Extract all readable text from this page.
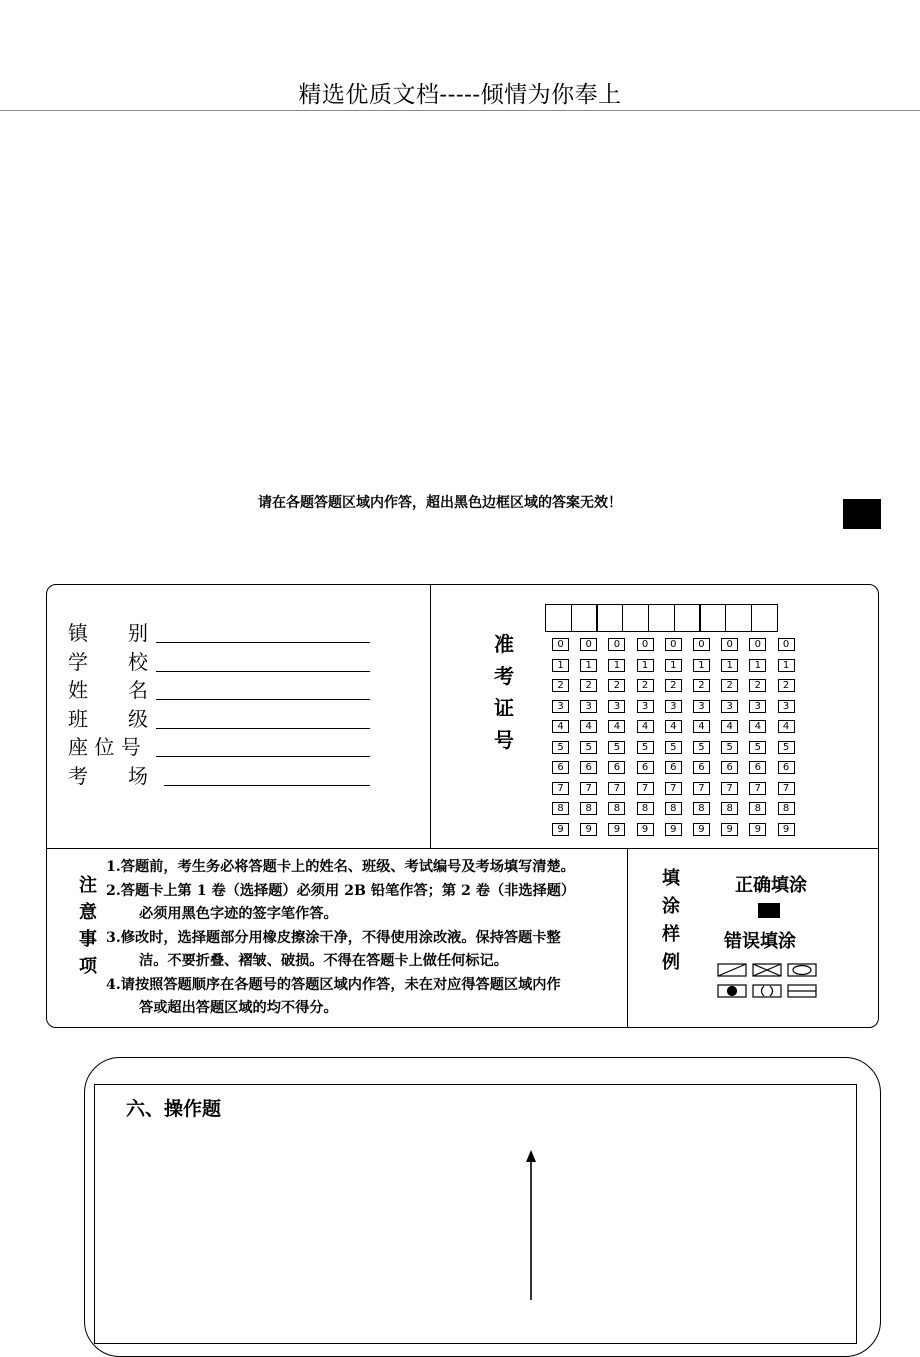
精选优质文档-----倾情为你奉上
请在各题答题区域内作答，超出黑色边框区域的答案无效！
镇　　别
学　　校
姓　　名
班　　级
座 位 号
考　　场
准
考
证
号
0	0	0	0	0	0	0	0	0
1	1	1	1	1	1	1	1	1
2	2	2	2	2	2	2	2	2
3	3	3	3	3	3	3	3	3
4	4	4	4	4	4	4	4	4
5	5	5	5	5	5	5	5	5
6	6	6	6	6	6	6	6	6
7	7	7	7	7	7	7	7	7
8	8	8	8	8	8	8	8	8
9	9	9	9	9	9	9	9	9
注
意
事
项
1.答题前，考生务必将答题卡上的姓名、班级、考试编号及考场填写清楚。
2.答题卡上第 1 卷（选择题）必须用 2B 铅笔作答；第 2 卷（非选择题）
必须用黑色字迹的签字笔作答。
3.修改时，选择题部分用橡皮擦涂干净，不得使用涂改液。保持答题卡整
洁。不要折叠、褶皱、破损。不得在答题卡上做任何标记。
4.请按照答题顺序在各题号的答题区域内作答，未在对应得答题区域内作
答或超出答题区域的均不得分。
填
涂
样
例
正确填涂
错误填涂
六、操作题
